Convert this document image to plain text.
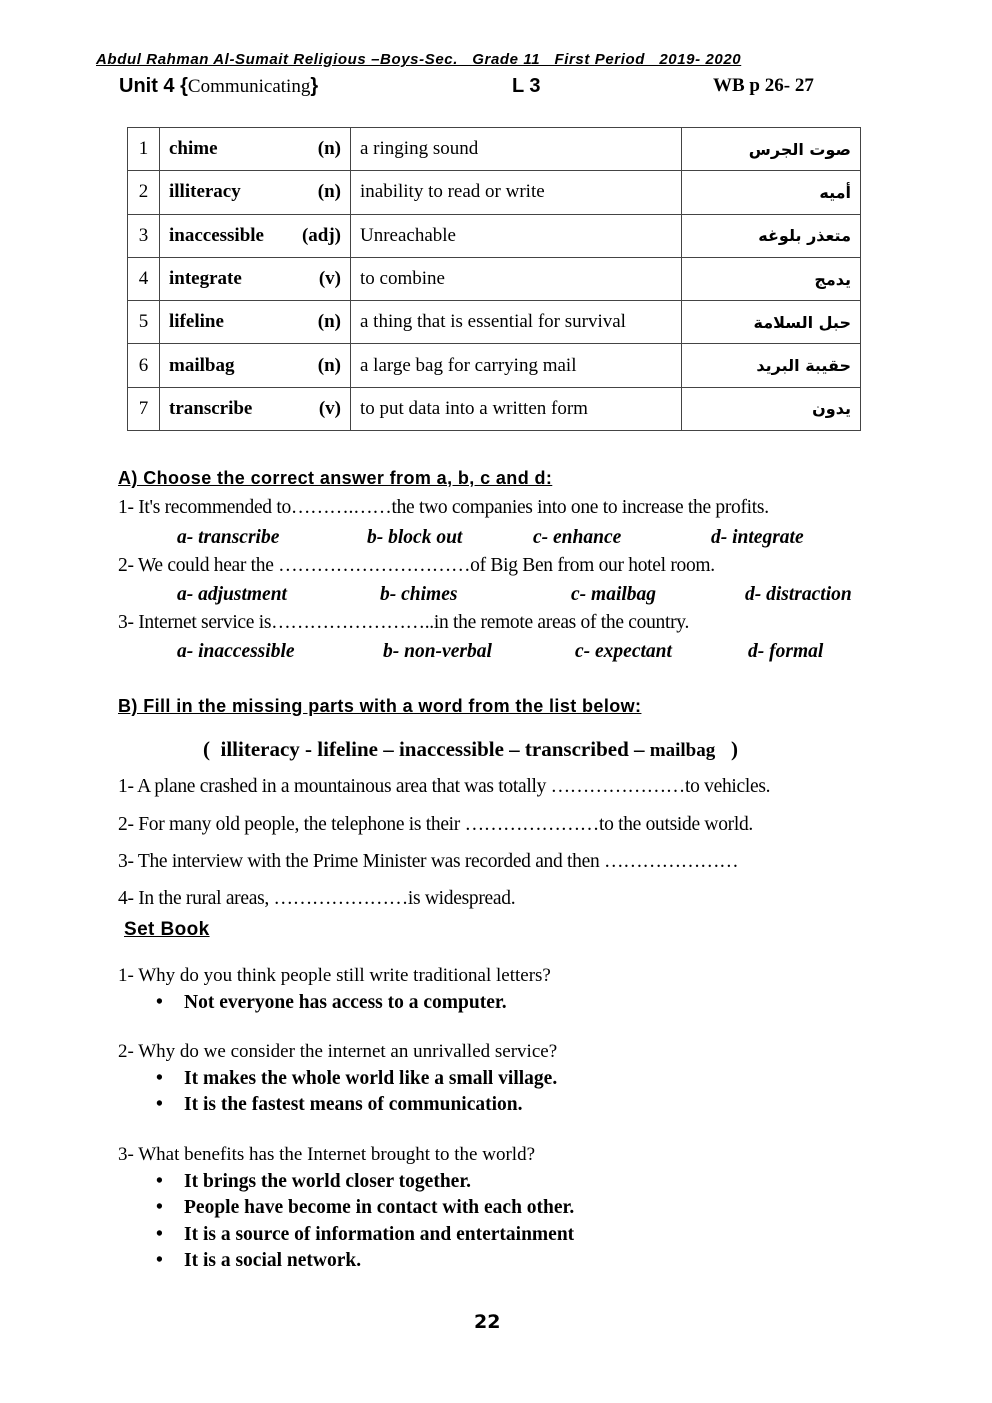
Abdul Rahman Al-Sumait Religious –Boys-Sec.   Grade 11   First Period   2019- 2020
Unit 4 {Communicating}	L 3	WB p 26- 27
1	chime (n)	a ringing sound	صوت الجرس
2	illiteracy (n)	inability to read or write	أميه
3	inaccessible (adj)	Unreachable	متعذر بلوغه
4	integrate (v)	to combine	يدمج
5	lifeline (n)	a thing that is essential for survival	حبل السلامة
6	mailbag (n)	a large bag for carrying mail	حقيبة البريد
7	transcribe (v)	to put data into a written form	يدون
A) Choose the correct answer from a, b, c and d:
1- It's recommended to……….……the two companies into one to increase the profits.
a- transcribe	b- block out	c- enhance	d- integrate
2- We could hear the …………………………of Big Ben from our hotel room.
a- adjustment	b- chimes	c- mailbag	d- distraction
3- Internet service is……………………..in the remote areas of the country.
a- inaccessible	b- non-verbal	c- expectant	d- formal
B) Fill in the missing parts with a word from the list below:
(  illiteracy - lifeline – inaccessible – transcribed – mailbag   )
1- A plane crashed in a mountainous area that was totally …………………to vehicles.
2- For many old people, the telephone is their …………………to the outside world.
3- The interview with the Prime Minister was recorded and then …………………
4- In the rural areas, …………………is widespread.
Set Book
1- Why do you think people still write traditional letters?
• Not everyone has access to a computer.
2- Why do we consider the internet an unrivalled service?
• It makes the whole world like a small village.
• It is the fastest means of communication.
3- What benefits has the Internet brought to the world?
• It brings the world closer together.
• People have become in contact with each other.
• It is a source of information and entertainment
• It is a social network.
22
